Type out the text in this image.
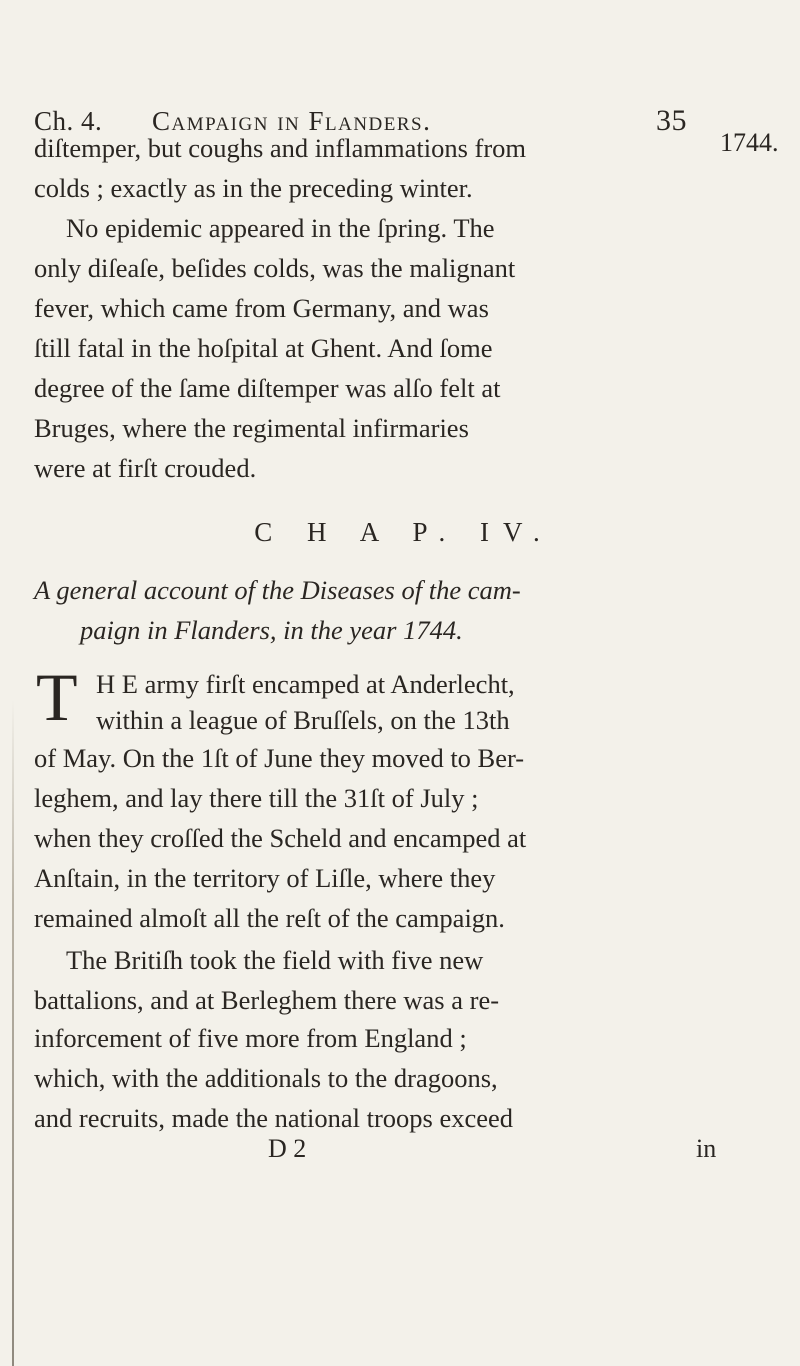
Ch. 4. Campaign in Flanders.	35
1744.
diſtemper, but coughs and inflammations from
colds ; exactly as in the preceding winter.
No epidemic appeared in the ſpring. The
only diſeaſe, beſides colds, was the malignant
fever, which came from Germany, and was
ſtill fatal in the hoſpital at Ghent. And ſome
degree of the ſame diſtemper was alſo felt at
Bruges, where the regimental infirmaries
were at firſt crouded.
C H A P. IV.
A general account of the Diseases of the cam-
paign in Flanders, in the year 1744.
T H E army firſt encamped at Anderlecht,
within a league of Bruſſels, on the 13th
of May. On the 1ſt of June they moved to Ber-
leghem, and lay there till the 31ſt of July ;
when they croſſed the Scheld and encamped at
Anſtain, in the territory of Liſle, where they
remained almoſt all the reſt of the campaign.
The Britiſh took the field with five new
battalions, and at Berleghem there was a re-
inforcement of five more from England ;
which, with the additionals to the dragoons,
and recruits, made the national troops exceed
D 2	in
